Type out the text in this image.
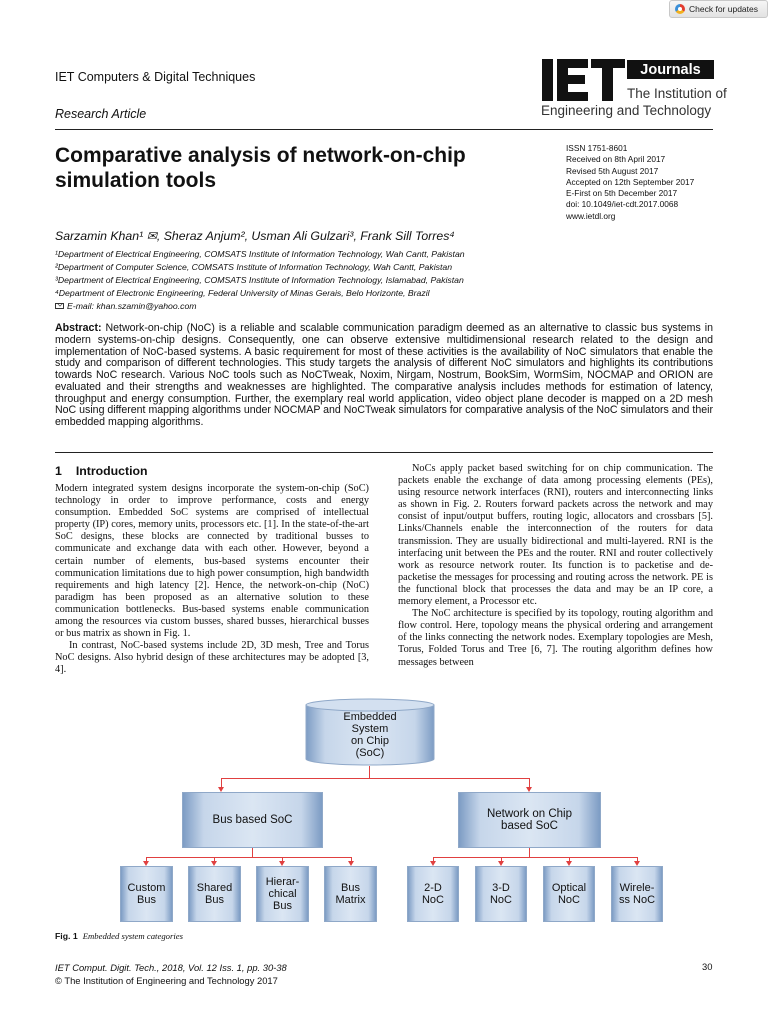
Check for updates
IET Computers & Digital Techniques
Research Article
Journals
The Institution of
Engineering and Technology
Comparative analysis of network-on-chip simulation tools
ISSN 1751-8601
Received on 8th April 2017
Revised 5th August 2017
Accepted on 12th September 2017
E-First on 5th December 2017
doi: 10.1049/iet-cdt.2017.0068
www.ietdl.org
Sarzamin Khan¹ ✉, Sheraz Anjum², Usman Ali Gulzari³, Frank Sill Torres⁴
¹Department of Electrical Engineering, COMSATS Institute of Information Technology, Wah Cantt, Pakistan
²Department of Computer Science, COMSATS Institute of Information Technology, Wah Cantt, Pakistan
³Department of Electrical Engineering, COMSATS Institute of Information Technology, Islamabad, Pakistan
⁴Department of Electronic Engineering, Federal University of Minas Gerais, Belo Horizonte, Brazil
E-mail: khan.szamin@yahoo.com
Abstract: Network-on-chip (NoC) is a reliable and scalable communication paradigm deemed as an alternative to classic bus systems in modern systems-on-chip designs. Consequently, one can observe extensive multidimensional research related to the design and implementation of NoC-based systems. A basic requirement for most of these activities is the availability of NoC simulators that enable the study and comparison of different technologies. This study targets the analysis of different NoC simulators and highlights its contributions towards NoC research. Various NoC tools such as NoCTweak, Noxim, Nirgam, Nostrum, BookSim, WormSim, NOCMAP and ORION are evaluated and their strengths and weaknesses are highlighted. The comparative analysis includes methods for estimation of latency, throughput and energy consumption. Further, the exemplary real world application, video object plane decoder is mapped on a 2D mesh NoC using different mapping algorithms under NOCMAP and NoCTweak simulators for comparative analysis of the NoC simulators and their embedded mapping algorithms.
1 Introduction

Modern integrated system designs incorporate the system-on-chip (SoC) technology in order to improve performance, costs and energy consumption. Embedded SoC systems are comprised of intellectual property (IP) cores, memory units, processors etc. [1]. In the state-of-the-art SoC designs, these blocks are connected by traditional busses to communicate and exchange data with each other. However, beyond a certain number of elements, bus-based systems encounter their communication limitations due to high power consumption, high bandwidth requirements and high latency [2]. Hence, the network-on-chip (NoC) paradigm has been proposed as an alternative solution to these communication bottlenecks. Bus-based systems enable communication among the resources via custom busses, shared busses, hierarchical busses or bus matrix as shown in Fig. 1.

In contrast, NoC-based systems include 2D, 3D mesh, Tree and Torus NoC designs. Also hybrid design of these architectures may be adopted [3, 4].

NoCs apply packet based switching for on chip communication. The packets enable the exchange of data among processing elements (PEs), using resource network interfaces (RNI), routers and interconnecting links as shown in Fig. 2. Routers forward packets across the network and may consist of input/output buffers, routing logic, allocators and crossbars [5]. Links/Channels enable the interconnection of the routers for data transmission. They are usually bidirectional and multi-layered. RNI is the interfacing unit between the PEs and the router. RNI and router collectively work as resource network router. Its function is to packetise and de-packetise the messages for processing and routing across the network. PE is the functional block that processes the data and may be an IP core, a memory element, a Processor etc.

The NoC architecture is specified by its topology, routing algorithm and flow control. Here, topology means the physical ordering and arrangement of the links connecting the network nodes. Exemplary topologies are Mesh, Torus, Folded Torus and Tree [6, 7]. The routing algorithm defines how messages between

Embedded
System
on Chip
(SoC)
Bus based SoC	Network on Chip
based SoC
Custom
Bus
Shared
Bus
Hierar-
chical
Bus
Bus
Matrix
2-D
NoC
3-D
NoC
Optical
NoC
Wirele-
ss NoC
Fig. 1 Embedded system categories
IET Comput. Digit. Tech., 2018, Vol. 12 Iss. 1, pp. 30-38
© The Institution of Engineering and Technology 2017
30
